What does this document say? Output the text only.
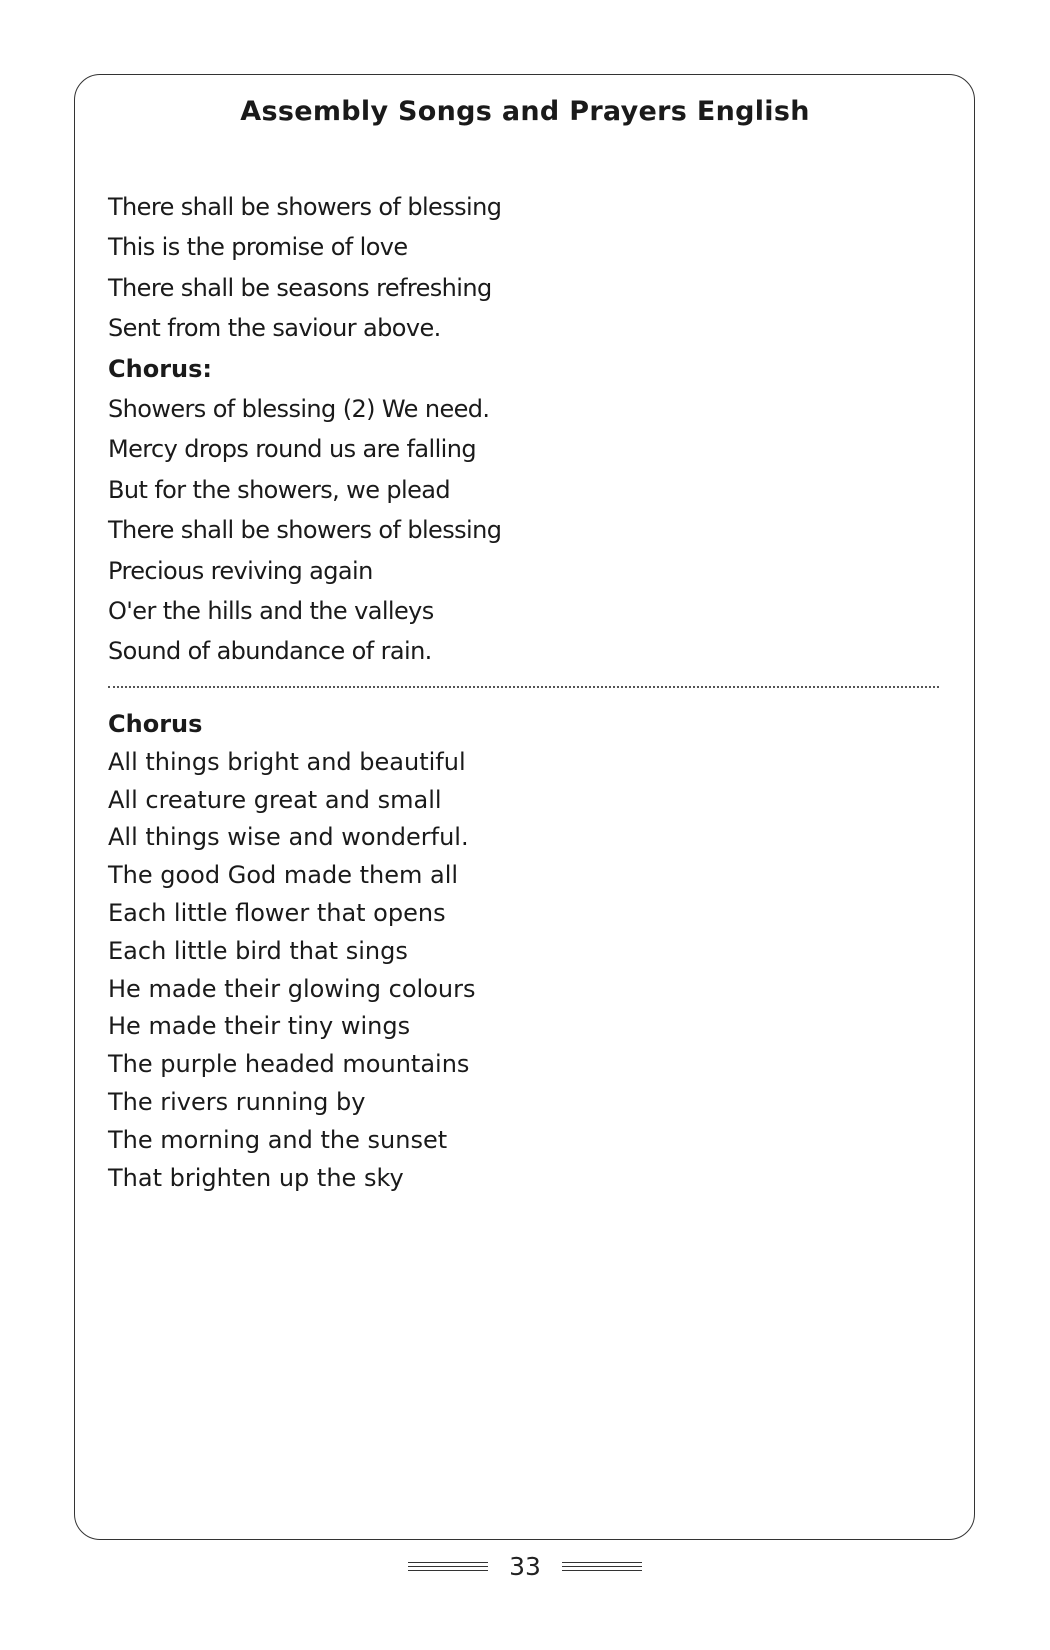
Assembly Songs and Prayers English
There shall be showers of blessing
This is the promise of love
There shall be seasons refreshing
Sent from the saviour above.
Chorus:
Showers of blessing (2) We need.
Mercy drops round us are falling
But for the showers, we plead
There shall be showers of blessing
Precious reviving again
O'er the hills and the valleys
Sound of abundance of rain.
Chorus
All things bright and beautiful
All creature great and small
All things wise and wonderful.
The good God made them all
Each little flower that opens
Each little bird that sings
He made their glowing colours
He made their tiny wings
The purple headed mountains
The rivers running by
The morning and the sunset
That brighten up the sky
33
